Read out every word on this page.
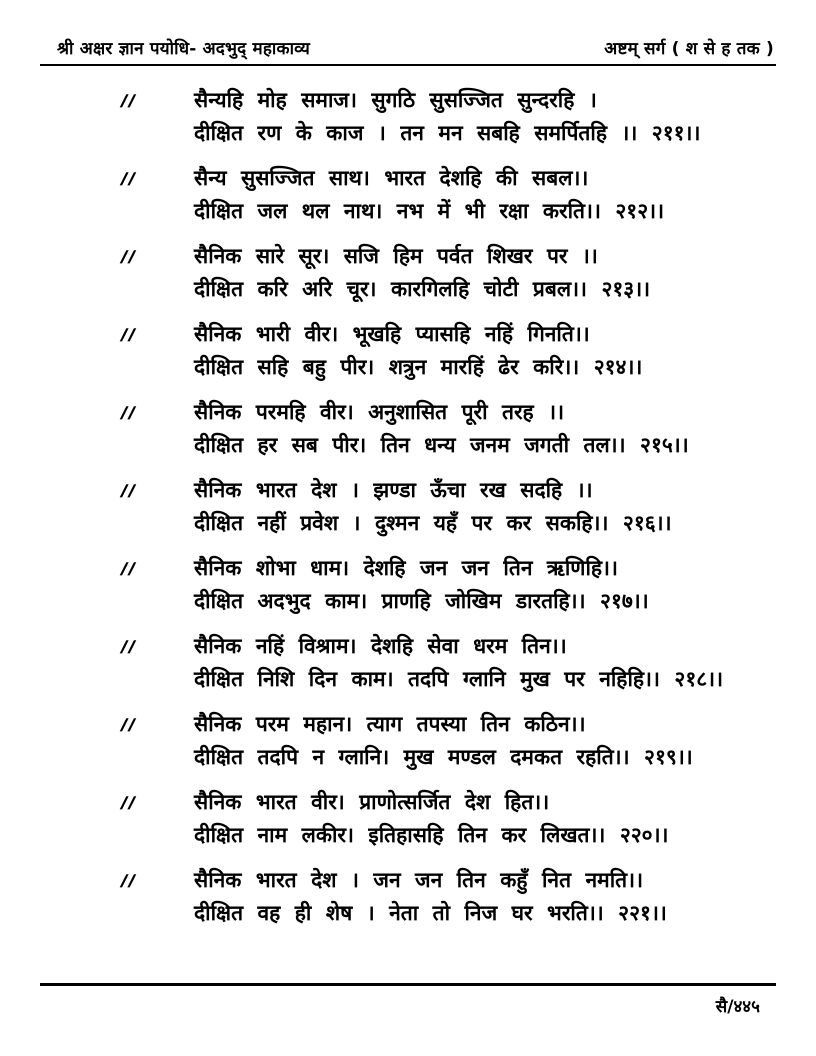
श्री अक्षर ज्ञान पयोधि- अदभुद् महाकाव्य	अष्टम् सर्ग ( श से ह तक )
।।	सैन्यहि मोह समाज। सुगठि सुसज्जित सुन्दरहि ।
दीक्षित रण के काज । तन मन सबहि समर्पितहि ।। २११।।
।।	सैन्य सुसज्जित साथ। भारत देशहि की सबल।।
दीक्षित जल थल नाथ। नभ में भी रक्षा करति।। २१२।।
।।	सैनिक सारे सूर। सजि हिम पर्वत शिखर पर ।।
दीक्षित करि अरि चूर। कारगिलहि चोटी प्रबल।। २१३।।
।।	सैनिक भारी वीर। भूखहि प्यासहि नहिं गिनति।।
दीक्षित सहि बहु पीर। शत्रुन मारहिं ढेर करि।। २१४।।
।।	सैनिक परमहि वीर। अनुशासित पूरी तरह ।।
दीक्षित हर सब पीर। तिन धन्य जनम जगती तल।। २१५।।
।।	सैनिक भारत देश । झण्डा ऊँचा रख सदहि ।।
दीक्षित नहीं प्रवेश । दुश्मन यहँ पर कर सकहि।। २१६।।
।।	सैनिक शोभा धाम। देशहि जन जन तिन ऋणिहि।।
दीक्षित अदभुद काम। प्राणहि जोखिम डारतहि।। २१७।।
।।	सैनिक नहिं विश्राम। देशहि सेवा धरम तिन।।
दीक्षित निशि दिन काम। तदपि ग्लानि मुख पर नहिहि।। २१८।।
।।	सैनिक परम महान। त्याग तपस्या तिन कठिन।।
दीक्षित तदपि न ग्लानि। मुख मण्डल दमकत रहति।। २१९।।
।।	सैनिक भारत वीर। प्राणोत्सर्जित देश हित।।
दीक्षित नाम लकीर। इतिहासहि तिन कर लिखत।। २२०।।
।।	सैनिक भारत देश । जन जन तिन कहुँ नित नमति।।
दीक्षित वह ही शेष । नेता तो निज घर भरति।। २२१।।
सै/४४५
